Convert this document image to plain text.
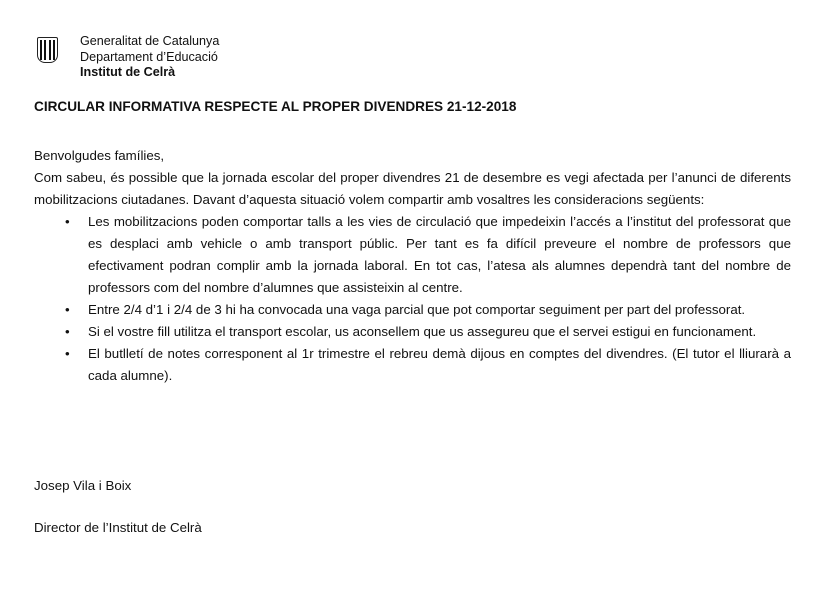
Generalitat de Catalunya
Departament d’Educació
Institut de Celrà
CIRCULAR INFORMATIVA RESPECTE AL PROPER DIVENDRES 21-12-2018

Benvolgudes famílies,

Com sabeu, és possible que la jornada escolar del proper divendres 21 de desembre es vegi afectada per l’anunci de diferents mobilitzacions ciutadanes. Davant d’aquesta situació volem compartir amb vosaltres les consideracions següents:

• Les mobilitzacions poden comportar talls a les vies de circulació que impedeixin l’accés a l’institut del professorat que es desplaci amb vehicle o amb transport públic. Per tant es fa difícil preveure el nombre de professors que efectivament podran complir amb la jornada laboral. En tot cas, l’atesa als alumnes dependrà tant del nombre de professors com del nombre d’alumnes que assisteixin al centre.
• Entre 2/4 d’1 i 2/4 de 3 hi ha convocada una vaga parcial que pot comportar seguiment per part del professorat.
• Si el vostre fill utilitza el transport escolar, us aconsellem que us assegureu que el servei estigui en funcionament.
• El butlletí de notes corresponent al 1r trimestre el rebreu demà dijous en comptes del divendres. (El tutor el lliurarà a cada alumne).
Josep Vila i Boix
Director de l’Institut de Celrà
